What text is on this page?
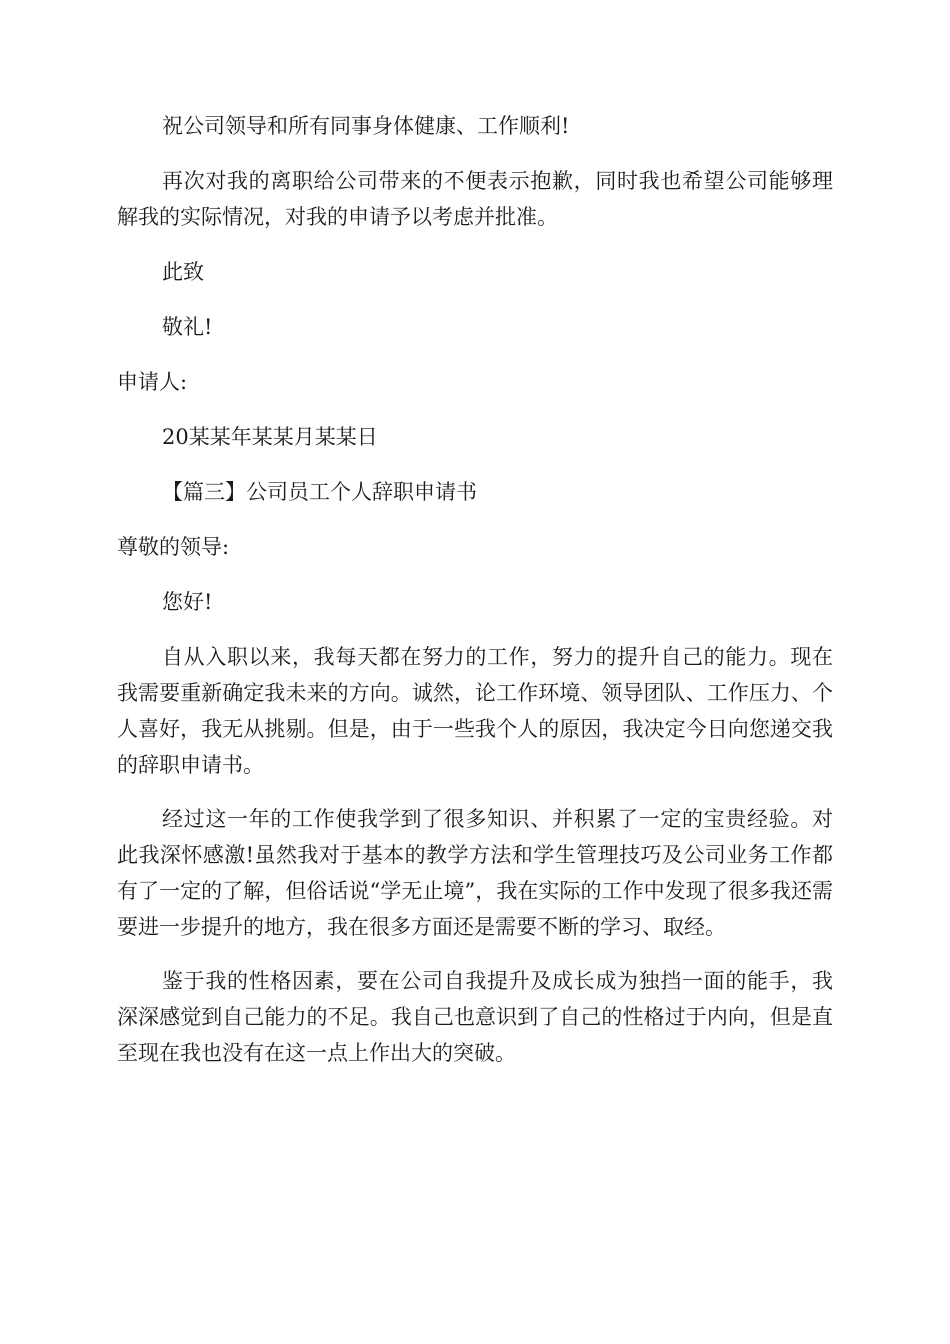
祝公司领导和所有同事身体健康、工作顺利!

再次对我的离职给公司带来的不便表示抱歉，同时我也希望公司能够理解我的实际情况，对我的申请予以考虑并批准。

此致

敬礼!

申请人:

20某某年某某月某某日

【篇三】公司员工个人辞职申请书

尊敬的领导:

您好!

自从入职以来，我每天都在努力的工作，努力的提升自己的能力。现在我需要重新确定我未来的方向。诚然，论工作环境、领导团队、工作压力、个人喜好，我无从挑剔。但是，由于一些我个人的原因，我决定今日向您递交我的辞职申请书。

经过这一年的工作使我学到了很多知识、并积累了一定的宝贵经验。对此我深怀感激!虽然我对于基本的教学方法和学生管理技巧及公司业务工作都有了一定的了解，但俗话说“学无止境”，我在实际的工作中发现了很多我还需要进一步提升的地方，我在很多方面还是需要不断的学习、取经。

鉴于我的性格因素，要在公司自我提升及成长成为独挡一面的能手，我深深感觉到自己能力的不足。我自己也意识到了自己的性格过于内向，但是直至现在我也没有在这一点上作出大的突破。
